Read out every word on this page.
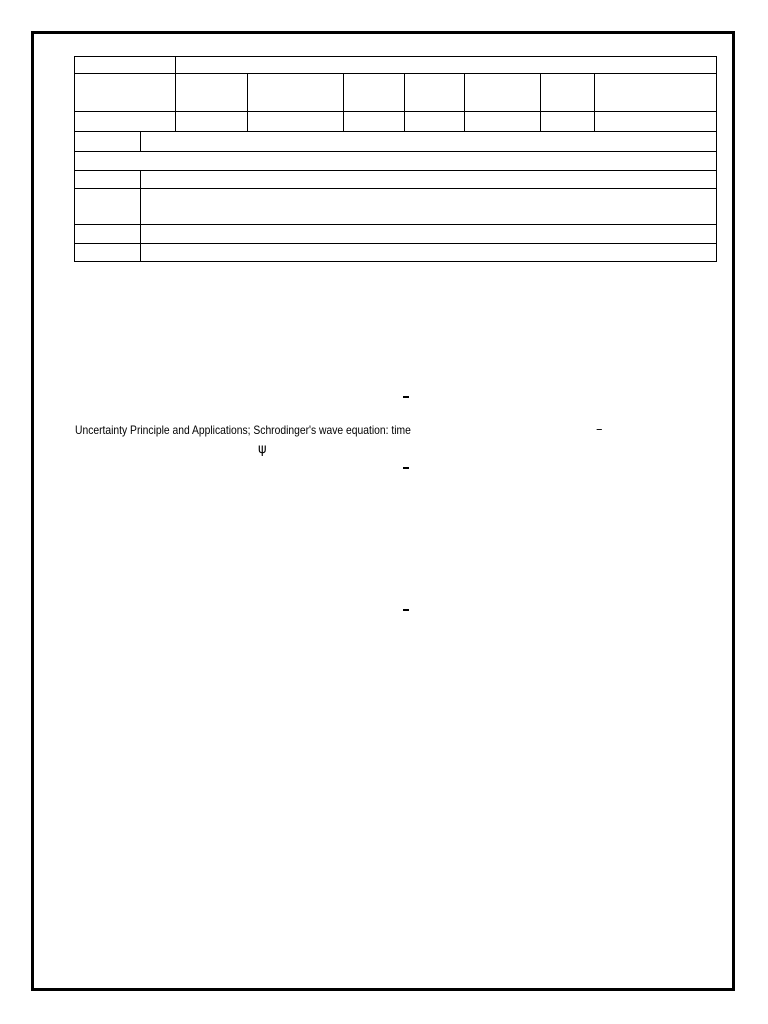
Uncertainty Principle and Applications; Schrodinger's wave equation: time	–
ψ
